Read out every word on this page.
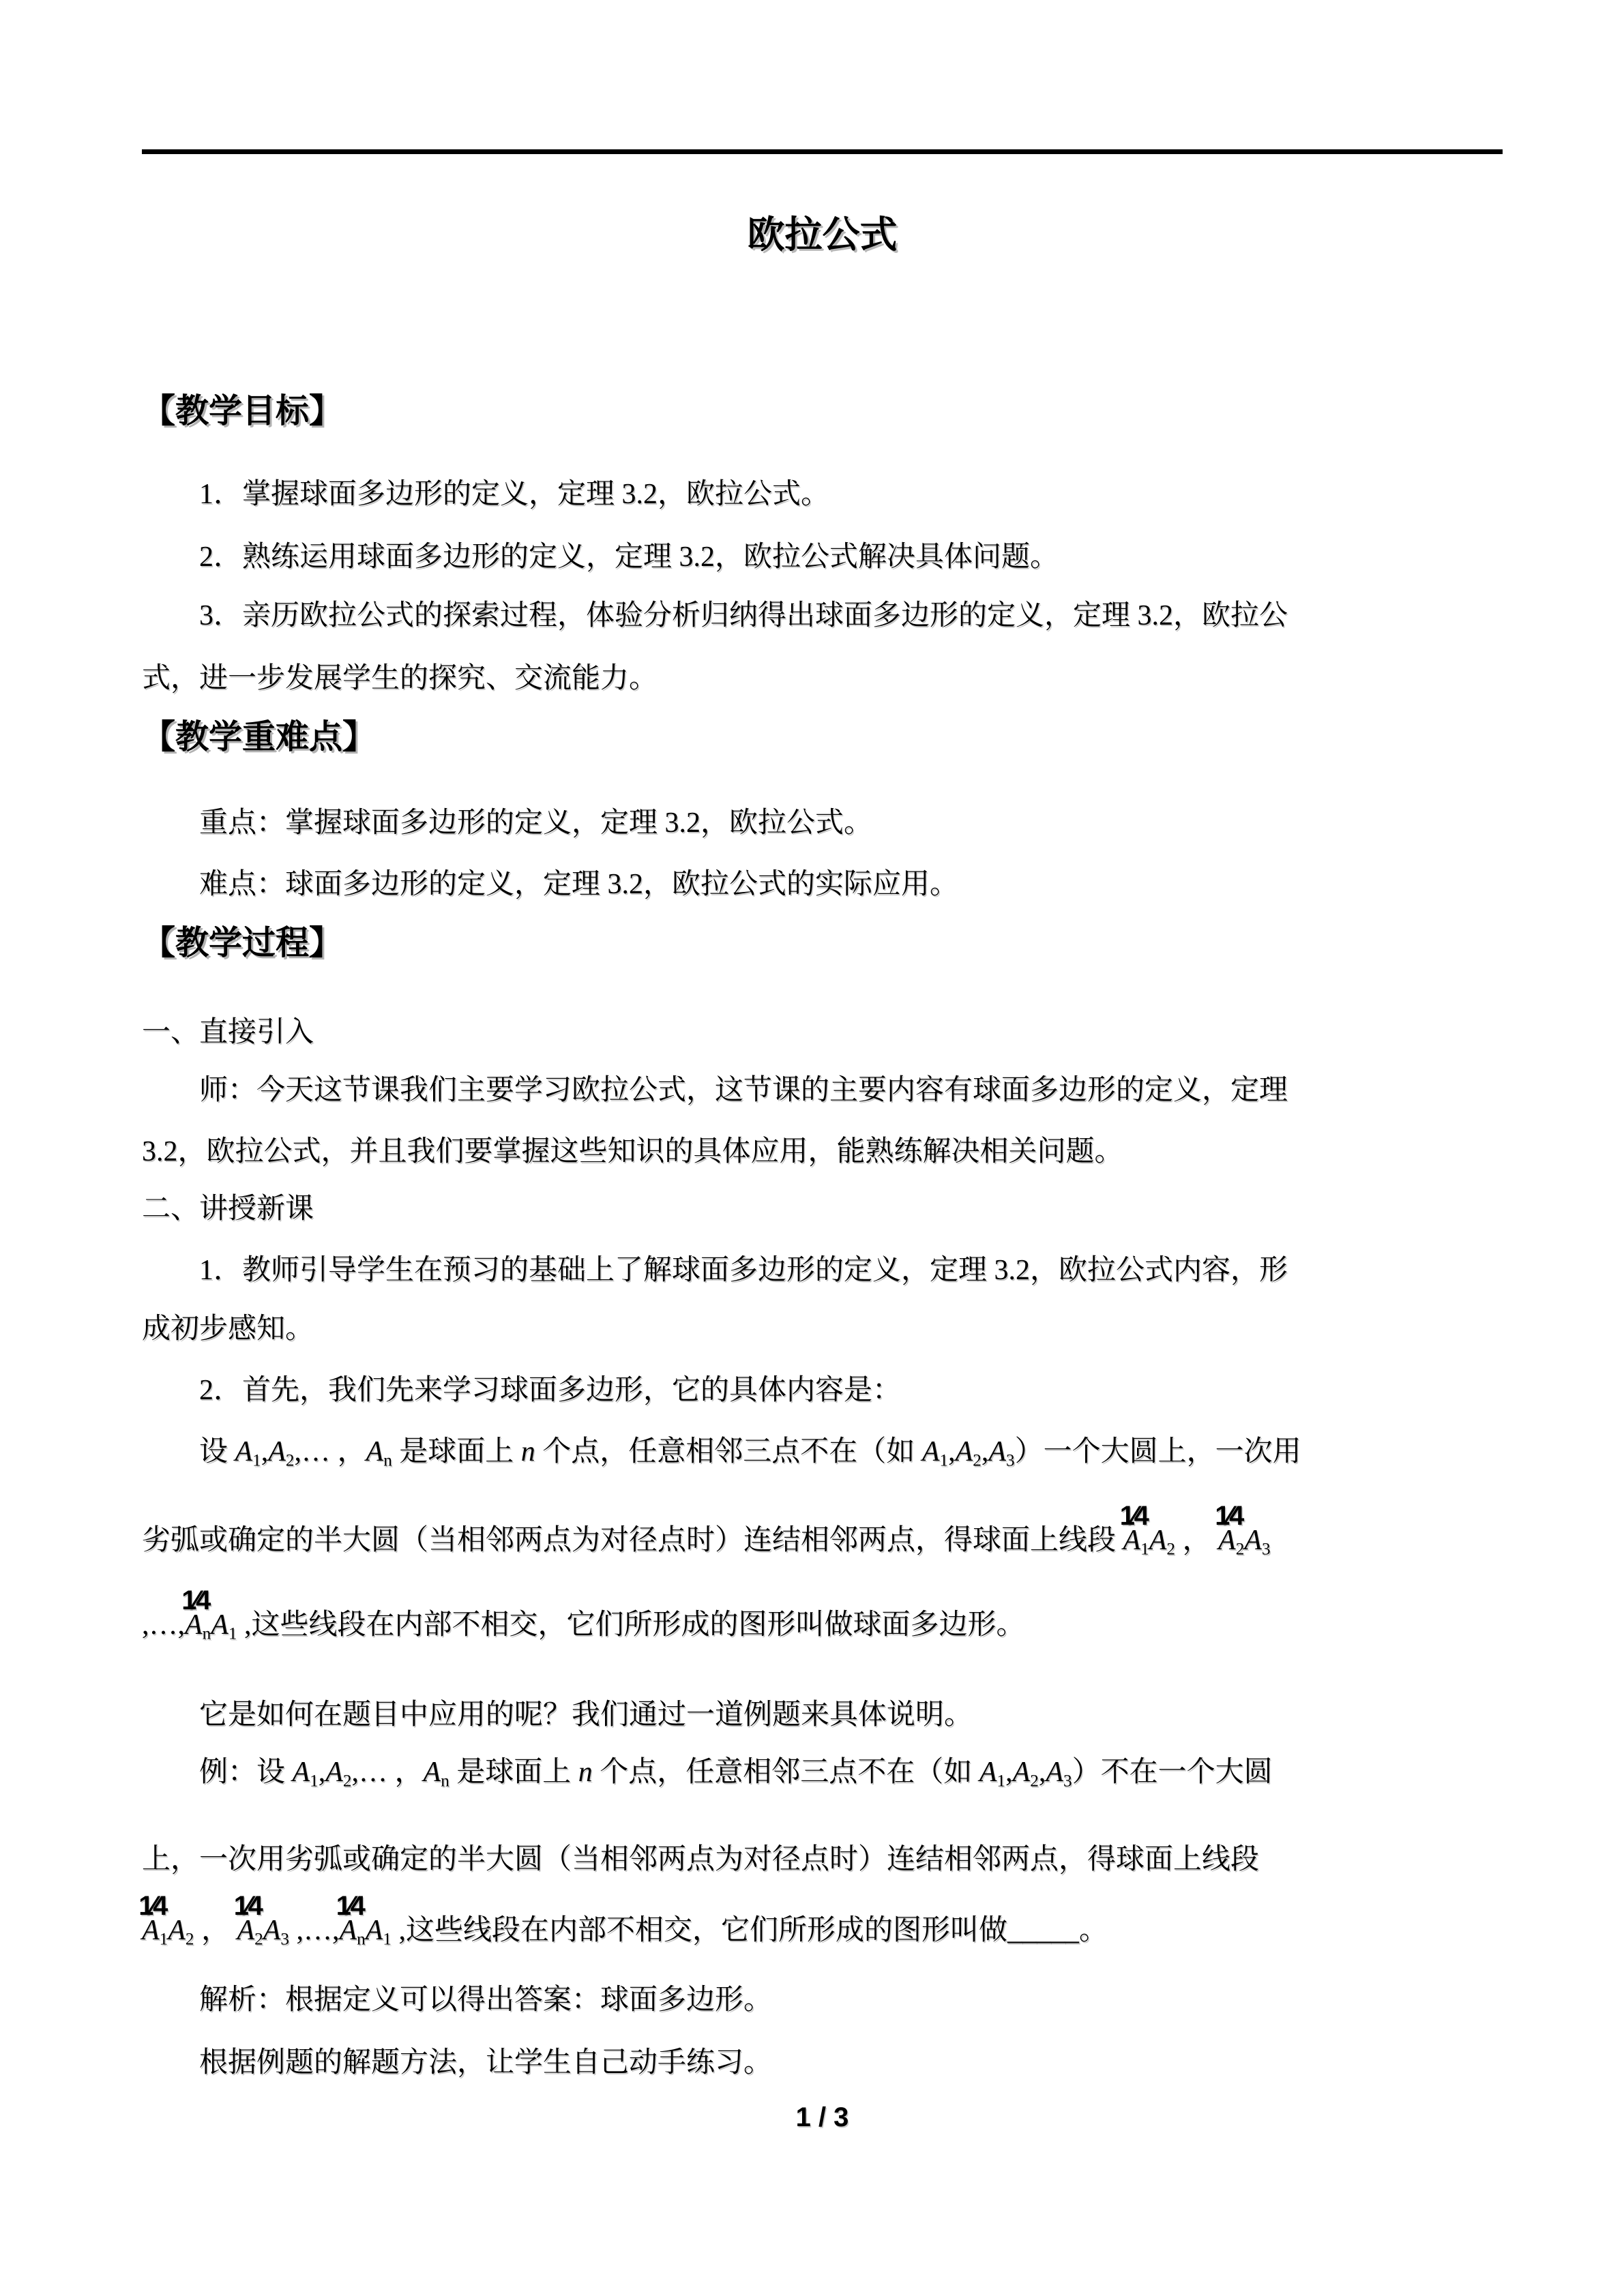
欧拉公式
1 / 3
【教学目标】
1．掌握球面多边形的定义，定理 3.2，欧拉公式。
2．熟练运用球面多边形的定义，定理 3.2，欧拉公式解决具体问题。
3．亲历欧拉公式的探索过程，体验分析归纳得出球面多边形的定义，定理 3.2，欧拉公
式，进一步发展学生的探究、交流能力。
【教学重难点】
重点：掌握球面多边形的定义，定理 3.2，欧拉公式。
难点：球面多边形的定义，定理 3.2，欧拉公式的实际应用。
【教学过程】
一、直接引入
师：今天这节课我们主要学习欧拉公式，这节课的主要内容有球面多边形的定义，定理
3.2，欧拉公式，并且我们要掌握这些知识的具体应用，能熟练解决相关问题。
二、讲授新课
1．教师引导学生在预习的基础上了解球面多边形的定义，定理 3.2，欧拉公式内容，形
成初步感知。
2．首先，我们先来学习球面多边形，它的具体内容是：
设 $A_1,A_2,\dots$ ，$A_n$ 是球面上 n 个点，任意相邻三点不在（如 $A_1,A_2,A_3$）一个大圆上，一次用
劣弧或确定的半大圆（当相邻两点为对径点时）连结相邻两点，得球面上线段
1⁄4
$A_1A_2$ ，
1⁄4
$A_2A_3$
,…,
1⁄4
$A_nA_1$ ,这些线段在内部不相交，它们所形成的图形叫做球面多边形。
它是如何在题目中应用的呢？我们通过一道例题来具体说明。
例：设 $A_1,A_2,\dots$ ，$A_n$ 是球面上 n 个点，任意相邻三点不在（如 $A_1,A_2,A_3$）不在一个大圆
上，一次用劣弧或确定的半大圆（当相邻两点为对径点时）连结相邻两点，得球面上线段
1⁄4
$A_1A_2$ ，
1⁄4
$A_2A_3$ ,…,
1⁄4
$A_nA_1$ ,这些线段在内部不相交，它们所形成的图形叫做_____。
解析：根据定义可以得出答案：球面多边形。
根据例题的解题方法，让学生自己动手练习。
